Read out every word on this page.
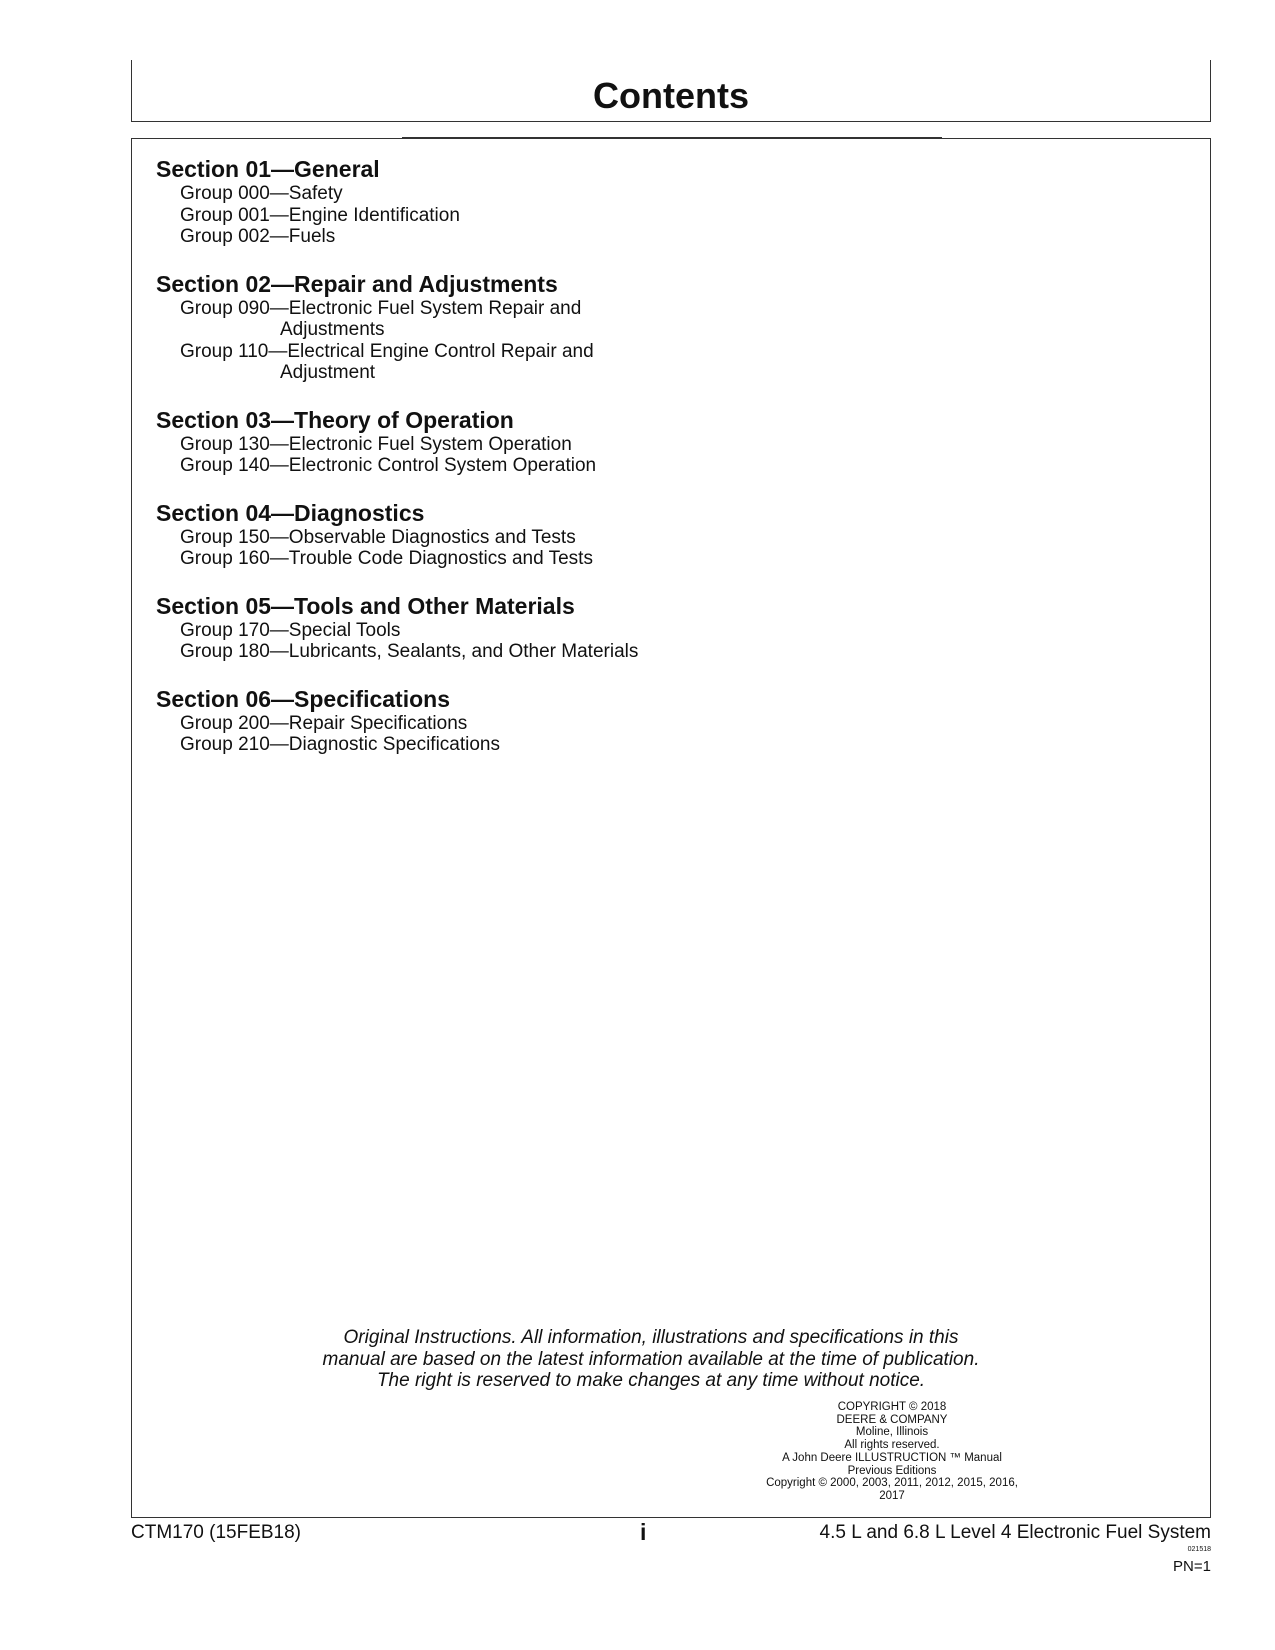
Contents
Section 01—General
Group 000—Safety
Group 001—Engine Identification
Group 002—Fuels
Section 02—Repair and Adjustments
Group 090—Electronic Fuel System Repair and
Adjustments
Group 110—Electrical Engine Control Repair and
Adjustment
Section 03—Theory of Operation
Group 130—Electronic Fuel System Operation
Group 140—Electronic Control System Operation
Section 04—Diagnostics
Group 150—Observable Diagnostics and Tests
Group 160—Trouble Code Diagnostics and Tests
Section 05—Tools and Other Materials
Group 170—Special Tools
Group 180—Lubricants, Sealants, and Other Materials
Section 06—Specifications
Group 200—Repair Specifications
Group 210—Diagnostic Specifications
Original Instructions. All information, illustrations and specifications in this
manual are based on the latest information available at the time of publication.
The right is reserved to make changes at any time without notice.
COPYRIGHT © 2018
DEERE & COMPANY
Moline, Illinois
All rights reserved.
A John Deere ILLUSTRUCTION ™ Manual
Previous Editions
Copyright © 2000, 2003, 2011, 2012, 2015, 2016, 2017
CTM170 (15FEB18)	i	4.5 L and 6.8 L Level 4 Electronic Fuel System
021518
PN=1
